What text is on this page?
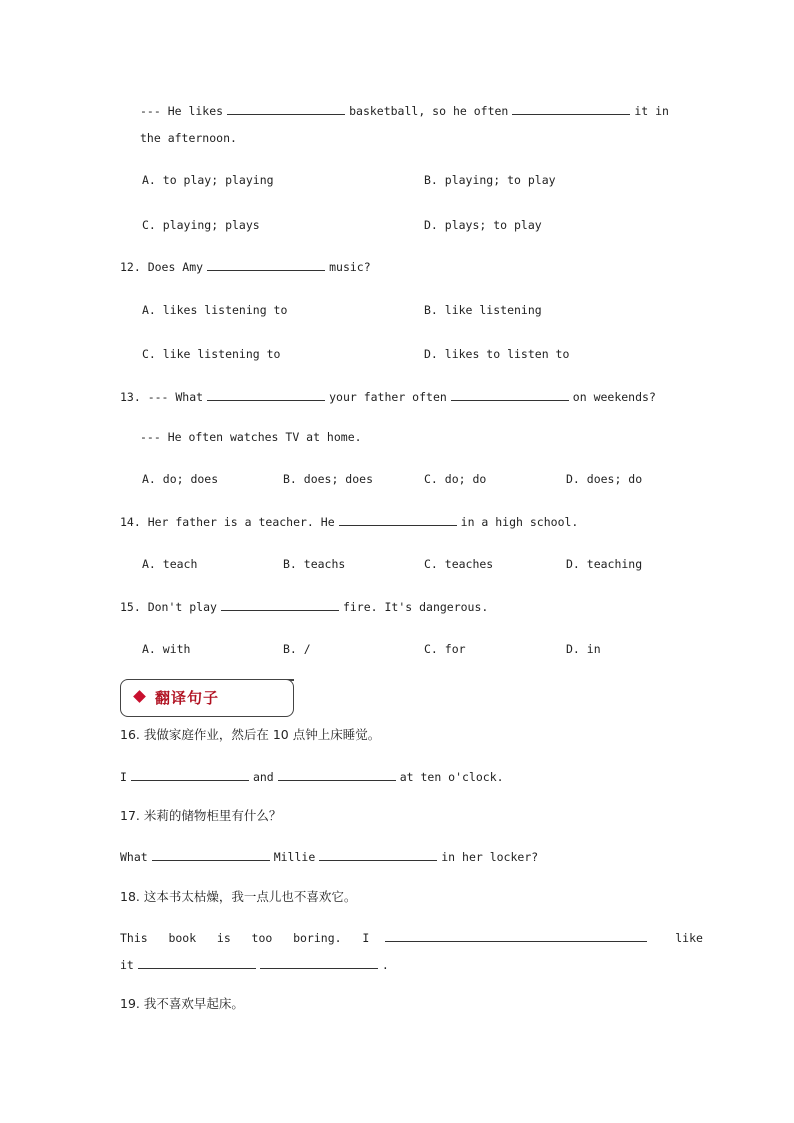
--- He likes	basketball, so he often	it in
the afternoon.
A. to play; playing	B. playing; to play
C. playing; plays	D. plays; to play
12. Does Amy	music?
A. likes listening to	B. like listening
C. like listening to	D. likes to listen to
13. --- What	your father often	on weekends?
--- He often watches TV at home.
A. do; does	B. does; does	C. do; do	D. does; do
14. Her father is a teacher. He	in a high school.
A. teach	B. teachs	C. teaches	D. teaching
15. Don't play	fire. It's dangerous.
A. with	B. /	C. for	D. in
翻译句子
16. 我做家庭作业，然后在 10 点钟上床睡觉。
I	and	at ten o'clock.
17. 米莉的储物柜里有什么？
What	Millie	in her locker?
18. 这本书太枯燥，我一点儿也不喜欢它。
This   book   is   too   boring.   I	like
it	.
19. 我不喜欢早起床。
